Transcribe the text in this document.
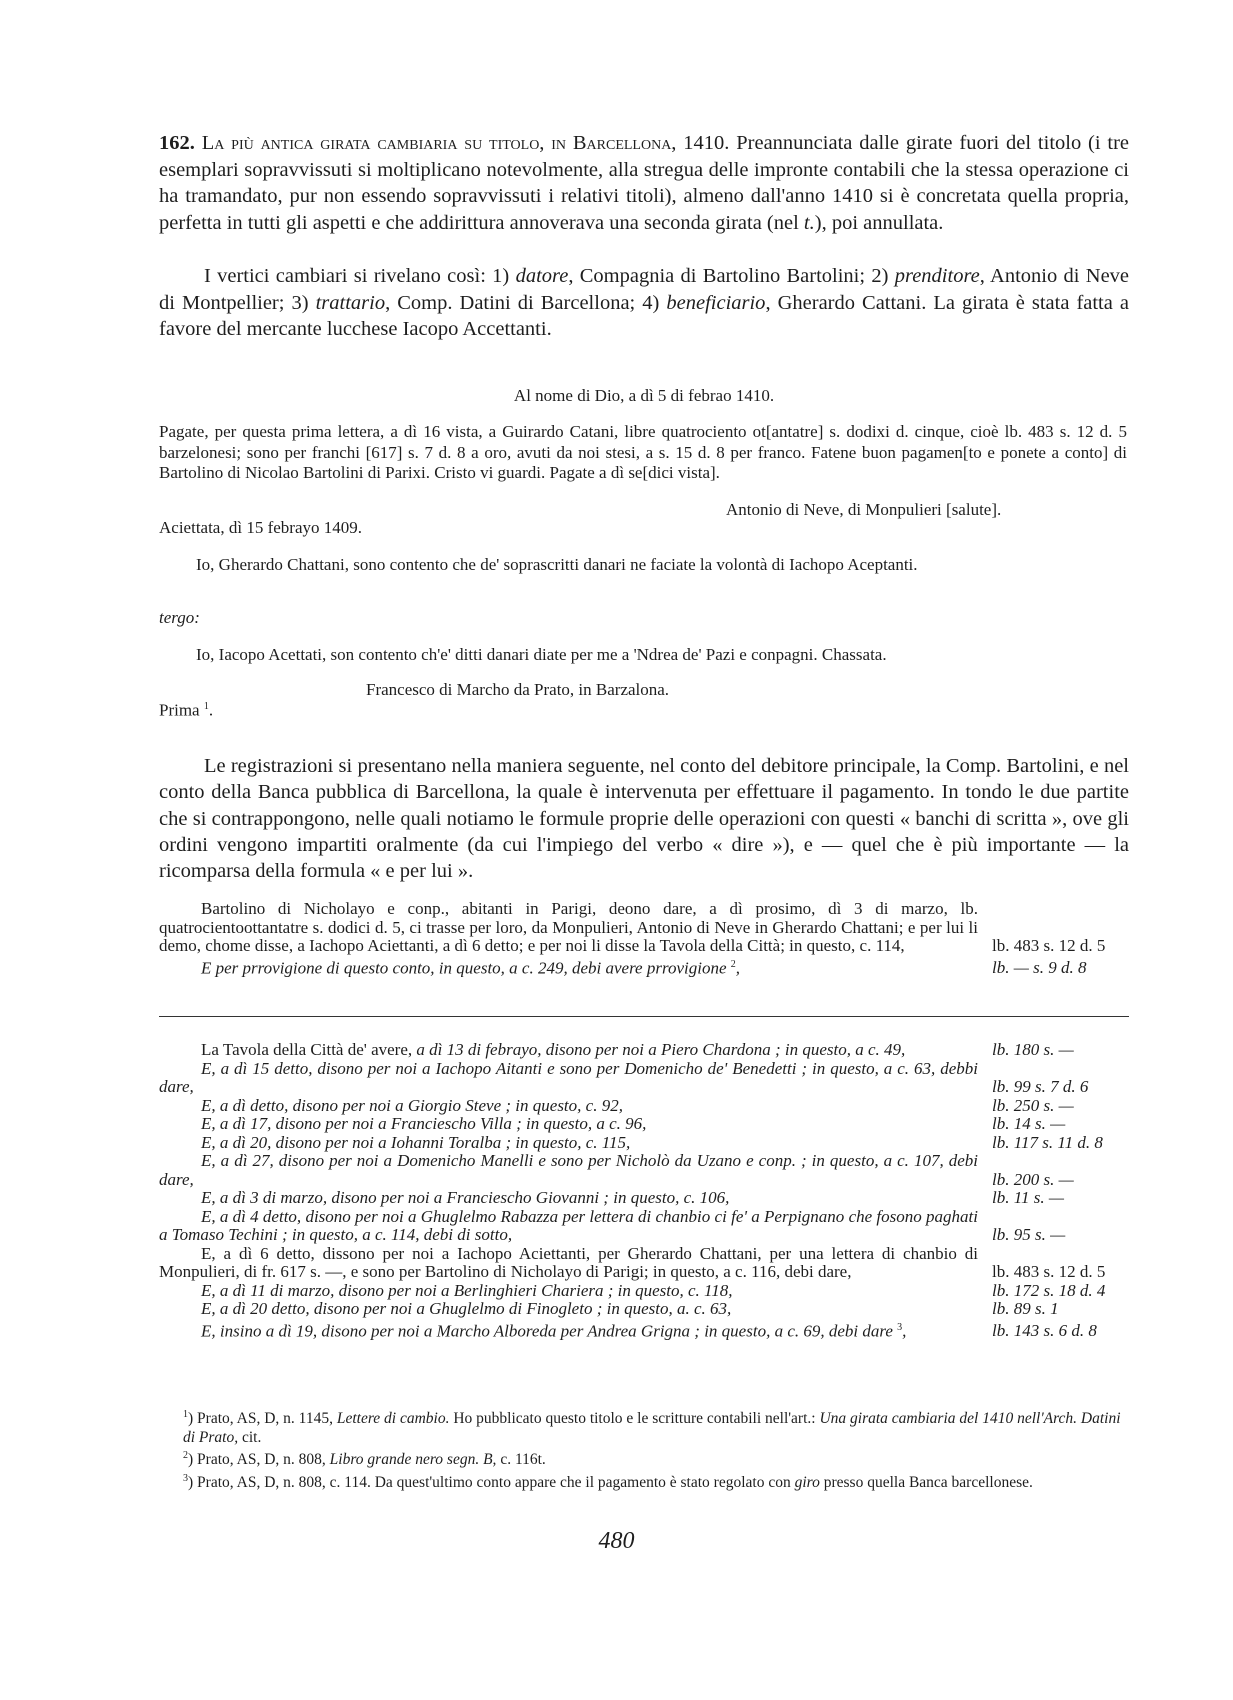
162. La più antica girata cambiaria su titolo, in Barcellona, 1410. Preannunciata dalle girate fuori del titolo (i tre esemplari sopravvissuti si moltiplicano notevolmente, alla stregua delle impronte contabili che la stessa operazione ci ha tramandato, pur non essendo sopravvissuti i relativi titoli), almeno dall'anno 1410 si è concretata quella propria, perfetta in tutti gli aspetti e che addirittura annoverava una seconda girata (nel t.), poi annullata.

I vertici cambiari si rivelano così: 1) datore, Compagnia di Bartolino Bartolini; 2) prenditore, Antonio di Neve di Montpellier; 3) trattario, Comp. Datini di Barcellona; 4) beneficiario, Gherardo Cattani. La girata è stata fatta a favore del mercante lucchese Iacopo Accettanti.

Al nome di Dio, a dì 5 di febrao 1410.

Pagate, per questa prima lettera, a dì 16 vista, a Guirardo Catani, libre quatrociento ot[antatre] s. dodixi d. cinque, cioè lb. 483 s. 12 d. 5 barzelonesi; sono per franchi [617] s. 7 d. 8 a oro, avuti da noi stesi, a s. 15 d. 8 per franco. Fatene buon pagamen[to e ponete a conto] di Bartolino di Nicolao Bartolini di Parixi. Cristo vi guardi. Pagate a dì se[dici vista].

Antonio di Neve, di Monpulieri [salute].

Aciettata, dì 15 febrayo 1409.

Io, Gherardo Chattani, sono contento che de' soprascritti danari ne faciate la volontà di Iachopo Aceptanti.

tergo:

Io, Iacopo Acettati, son contento ch'e' ditti danari diate per me a 'Ndrea de' Pazi e conpagni. Chassata.

Francesco di Marcho da Prato, in Barzalona.

Prima $^1$.

Le registrazioni si presentano nella maniera seguente, nel conto del debitore principale, la Comp. Bartolini, e nel conto della Banca pubblica di Barcellona, la quale è intervenuta per effettuare il pagamento. In tondo le due partite che si contrappongono, nelle quali notiamo le formule proprie delle operazioni con questi « banchi di scritta », ove gli ordini vengono impartiti oralmente (da cui l'impiego del verbo « dire »), e — quel che è più importante — la ricomparsa della formula « e per lui ».

Bartolino di Nicholayo e conp., abitanti in Parigi, deono dare, a dì prosimo, dì 3 di marzo, lb. quatrocientoottantatre s. dodici d. 5, ci trasse per loro, da Monpulieri, Antonio di Neve in Gherardo Chattani; e per lui li demo, chome disse, a Iachopo Aciettanti, a dì 6 detto; e per noi li disse la Tavola della Città; in questo, c. 114,	lb. 483 s. 12 d. 5
E per prrovigione di questo conto, in questo, a c. 249, debi avere prrovigione $^2$,	lb. — s. 9 d. 8
La Tavola della Città de' avere, a dì 13 di febrayo, disono per noi a Piero Chardona ; in questo, a c. 49,	lb. 180 s. —
E, a dì 15 detto, disono per noi a Iachopo Aitanti e sono per Domenicho de' Benedetti ; in questo, a c. 63, debbi dare,	lb. 99 s. 7 d. 6
E, a dì detto, disono per noi a Giorgio Steve ; in questo, c. 92,	lb. 250 s. —
E, a dì 17, disono per noi a Franciescho Villa ; in questo, a c. 96,	lb. 14 s. —
E, a dì 20, disono per noi a Iohanni Toralba ; in questo, c. 115,	lb. 117 s. 11 d. 8
E, a dì 27, disono per noi a Domenicho Manelli e sono per Nicholò da Uzano e conp. ; in questo, a c. 107, debi dare,	lb. 200 s. —
E, a dì 3 di marzo, disono per noi a Franciescho Giovanni ; in questo, c. 106,	lb. 11 s. —
E, a dì 4 detto, disono per noi a Ghuglelmo Rabazza per lettera di chanbio ci fe' a Perpignano che fosono paghati a Tomaso Techini ; in questo, a c. 114, debi di sotto,	lb. 95 s. —
E, a dì 6 detto, dissono per noi a Iachopo Aciettanti, per Gherardo Chattani, per una lettera di chanbio di Monpulieri, di fr. 617 s. —, e sono per Bartolino di Nicholayo di Parigi; in questo, a c. 116, debi dare,	lb. 483 s. 12 d. 5
E, a dì 11 di marzo, disono per noi a Berlinghieri Chariera ; in questo, c. 118,	lb. 172 s. 18 d. 4
E, a dì 20 detto, disono per noi a Ghuglelmo di Finogleto ; in questo, a. c. 63,	lb. 89 s. 1
E, insino a dì 19, disono per noi a Marcho Alboreda per Andrea Grigna ; in questo, a c. 69, debi dare $^3$,	lb. 143 s. 6 d. 8
$^1$) Prato, AS, D, n. 1145, Lettere di cambio. Ho pubblicato questo titolo e le scritture contabili nell'art.: Una girata cambiaria del 1410 nell'Arch. Datini di Prato, cit.
$^2$) Prato, AS, D, n. 808, Libro grande nero segn. B, c. 116t.
$^3$) Prato, AS, D, n. 808, c. 114. Da quest'ultimo conto appare che il pagamento è stato regolato con giro presso quella Banca barcellonese.
480
